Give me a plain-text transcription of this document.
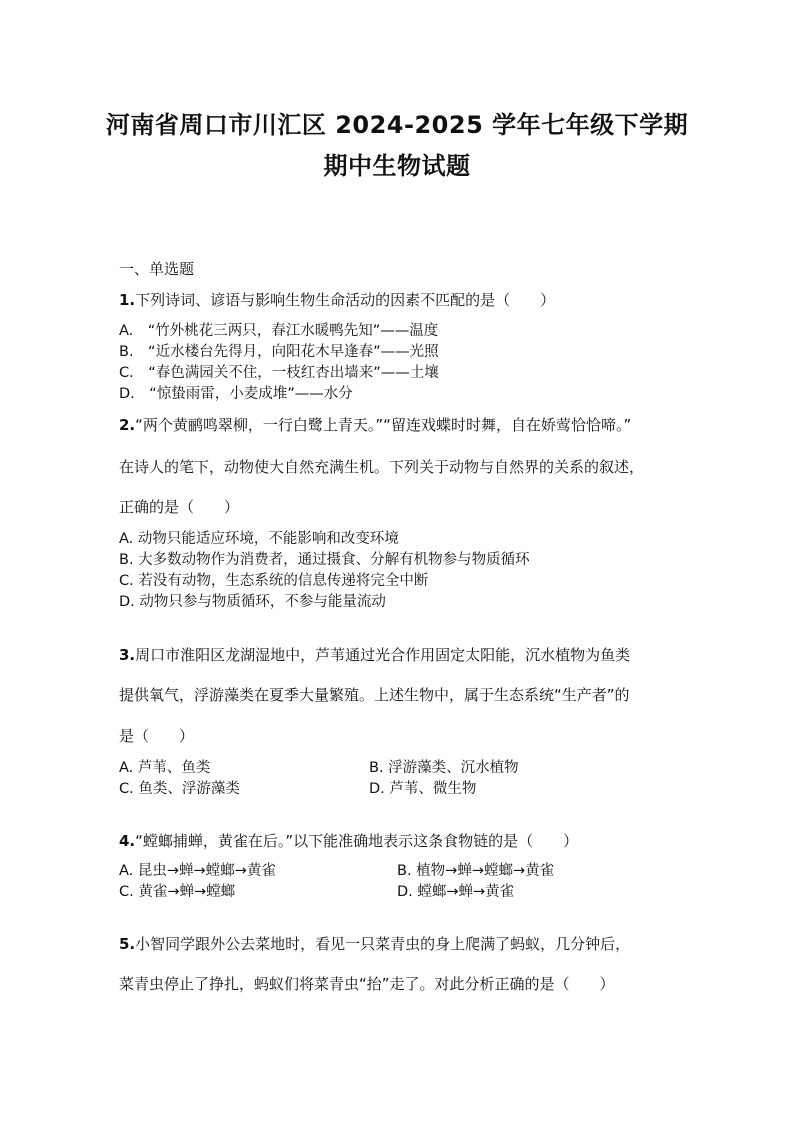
河南省周口市川汇区 2024-2025 学年七年级下学期
期中生物试题
一、单选题
1.下列诗词、谚语与影响生物生命活动的因素不匹配的是（　　）
A.　“竹外桃花三两只，春江水暖鸭先知”——温度
B.　“近水楼台先得月，向阳花木早逢春”——光照
C.　“春色满园关不住，一枝红杏出墙来”——土壤
D.　“惊蛰雨雷，小麦成堆”——水分
2.“两个黄鹂鸣翠柳，一行白鹭上青天。”“留连戏蝶时时舞，自在娇莺恰恰啼。”
在诗人的笔下，动物使大自然充满生机。下列关于动物与自然界的关系的叙述，
正确的是（　　）
A. 动物只能适应环境，不能影响和改变环境
B. 大多数动物作为消费者，通过摄食、分解有机物参与物质循环
C. 若没有动物，生态系统的信息传递将完全中断
D. 动物只参与物质循环，不参与能量流动
3.周口市淮阳区龙湖湿地中，芦苇通过光合作用固定太阳能，沉水植物为鱼类
提供氧气，浮游藻类在夏季大量繁殖。上述生物中，属于生态系统“生产者”的
是（　　）
A. 芦苇、鱼类	B. 浮游藻类、沉水植物
C. 鱼类、浮游藻类	D. 芦苇、微生物
4.“螳螂捕蝉，黄雀在后。”以下能准确地表示这条食物链的是（　　）
A. 昆虫→蝉→螳螂→黄雀	B. 植物→蝉→螳螂→黄雀
C. 黄雀→蝉→螳螂	D. 螳螂→蝉→黄雀
5.小智同学跟外公去菜地时，看见一只菜青虫的身上爬满了蚂蚁，几分钟后，
菜青虫停止了挣扎，蚂蚁们将菜青虫“抬”走了。对此分析正确的是（　　）
